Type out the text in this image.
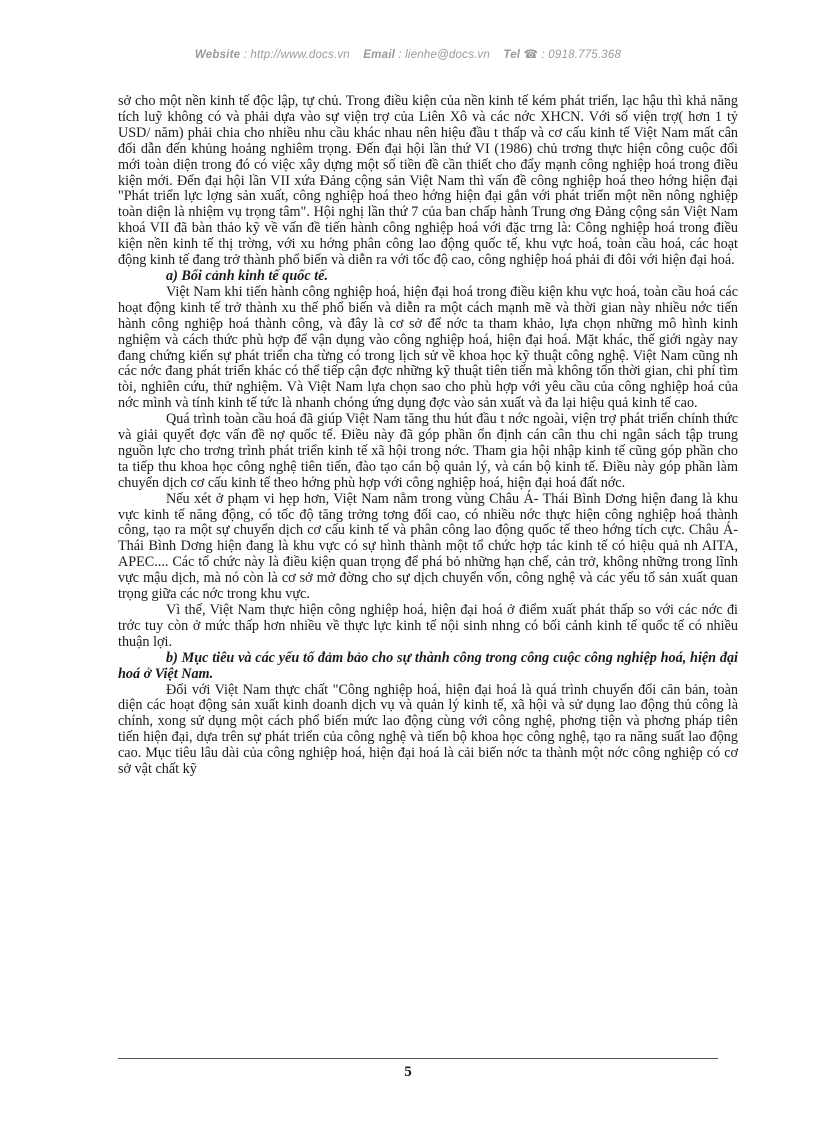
Website : http://www.docs.vn Email : lienhe@docs.vn Tel ☎ : 0918.775.368

sở cho một nền kinh tế độc lập, tự chủ. Trong điều kiện của nền kinh tế kém phát triển, lạc hậu thì khả năng tích luỹ không có và phải dựa vào sự viện trợ của Liên Xô và các nớc XHCN. Với số viện trợ( hơn 1 tỷ USD/ năm) phải chia cho nhiều nhu cầu khác nhau nên hiệu đầu t thấp và cơ cấu kinh tế Việt Nam mất cân đối dẫn đến khủng hoảng nghiêm trọng. Đến đại hội lần thứ VI (1986) chủ trơng thực hiện công cuộc đổi mới toàn diện trong đó có việc xây dựng một số tiền đề cần thiết cho đẩy mạnh công nghiệp hoá trong điều kiện mới. Đến đại hội lần VII xứa Đảng cộng sản Việt Nam thì vấn đề công nghiệp hoá theo hớng hiện đại "Phát triển lực lợng sản xuất, công nghiệp hoá theo hớng hiện đại gắn với phát triển một nền nông nghiệp toàn diện là nhiệm vụ trọng tâm". Hội nghị lần thứ 7 của ban chấp hành Trung ơng Đảng cộng sản Việt Nam khoá VII đã bàn thảo kỹ về vấn đề tiến hành công nghiệp hoá với đặc trng là: Công nghiệp hoá trong điều kiện nền kinh tế thị trờng, với xu hớng phân công lao động quốc tế, khu vực hoá, toàn cầu hoá, các hoạt động kinh tế đang trở thành phổ biến và diễn ra với tốc độ cao, công nghiệp hoá phải đi đôi với hiện đại hoá.

a) Bối cảnh kinh tế quốc tế.

Việt Nam khi tiến hành công nghiệp hoá, hiện đại hoá trong điều kiện khu vực hoá, toàn cầu hoá các hoạt động kinh tế trở thành xu thế phổ biến và diễn ra một cách mạnh mẽ và thời gian này nhiều nớc tiến hành công nghiệp hoá thành công, và đây là cơ sở để nớc ta tham khảo, lựa chọn những mô hình kinh nghiệm và cách thức phù hợp để vận dụng vào công nghiệp hoá, hiện đại hoá. Mặt khác, thế giới ngày nay đang chứng kiến sự phát triển cha từng có trong lịch sử về khoa học kỹ thuật công nghệ. Việt Nam cũng nh các nớc đang phát triển khác có thể tiếp cận đợc những kỹ thuật tiên tiến mà không tốn thời gian, chi phí tìm tòi, nghiên cứu, thử nghiệm. Và Việt Nam lựa chọn sao cho phù hợp với yêu cầu của công nghiệp hoá của nớc mình và tính kinh tế tức là nhanh chóng ứng dụng đợc vào sản xuất và đa lại hiệu quả kinh tế cao.

Quá trình toàn cầu hoá đã giúp Việt Nam tăng thu hút đầu t nớc ngoài, viện trợ phát triển chính thức và giải quyết đợc vấn đề nợ quốc tế. Điều này đã góp phần ổn định cán cân thu chi ngân sách tập trung nguồn lực cho trơng trình phát triển kinh tế xã hội trong nớc. Tham gia hội nhập kinh tế cũng góp phần cho ta tiếp thu khoa học công nghệ tiên tiến, đào tạo cán bộ quản lý, và cán bộ kinh tế. Điều này góp phần làm chuyển dịch cơ cấu kinh tế theo hớng phù hợp với công nghiệp hoá, hiện đại hoá đất nớc.

Nếu xét ở phạm vi hẹp hơn, Việt Nam nằm trong vùng Châu Á- Thái Bình Dơng hiện đang là khu vực kinh tế năng động, có tốc độ tăng trởng tơng đối cao, có nhiều nớc thực hiện công nghiệp hoá thành công, tạo ra một sự chuyển dịch cơ cấu kinh tế và phân công lao động quốc tế theo hớng tích cực. Châu Á- Thái Bình Dơng hiện đang là khu vực có sự hình thành một tổ chức hợp tác kinh tế có hiệu quả nh AITA, APEC.... Các tổ chức này là điều kiện quan trọng để phá bỏ những hạn chế, cản trở, không những trong lĩnh vực mậu dịch, mà nó còn là cơ sở mở đờng cho sự dịch chuyển vốn, công nghệ và các yếu tố sản xuất quan trọng giữa các nớc trong khu vực.

Vì thế, Việt Nam thực hiện công nghiệp hoá, hiện đại hoá ở điểm xuất phát thấp so với các nớc đi trớc tuy còn ở mức thấp hơn nhiều về thực lực kinh tế nội sinh nhng có bối cảnh kinh tế quốc tế có nhiều thuận lợi.

b) Mục tiêu và các yếu tố đảm bảo cho sự thành công trong công cuộc công nghiệp hoá, hiện đại hoá ở Việt Nam.

Đối với Việt Nam thực chất "Công nghiệp hoá, hiện đại hoá là quá trình chuyển đổi căn bản, toàn diện các hoạt động sản xuất kinh doanh dịch vụ và quản lý kinh tế, xã hội và sử dụng lao động thủ công là chính, xong sử dụng một cách phổ biến mức lao động cùng với công nghệ, phơng tiện và phơng pháp tiên tiến hiện đại, dựa trên sự phát triển của công nghệ và tiến bộ khoa học công nghệ, tạo ra năng suất lao động cao. Mục tiêu lâu dài của công nghiệp hoá, hiện đại hoá là cải biến nớc ta thành một nớc công nghiệp có cơ sở vật chất kỹ

5
